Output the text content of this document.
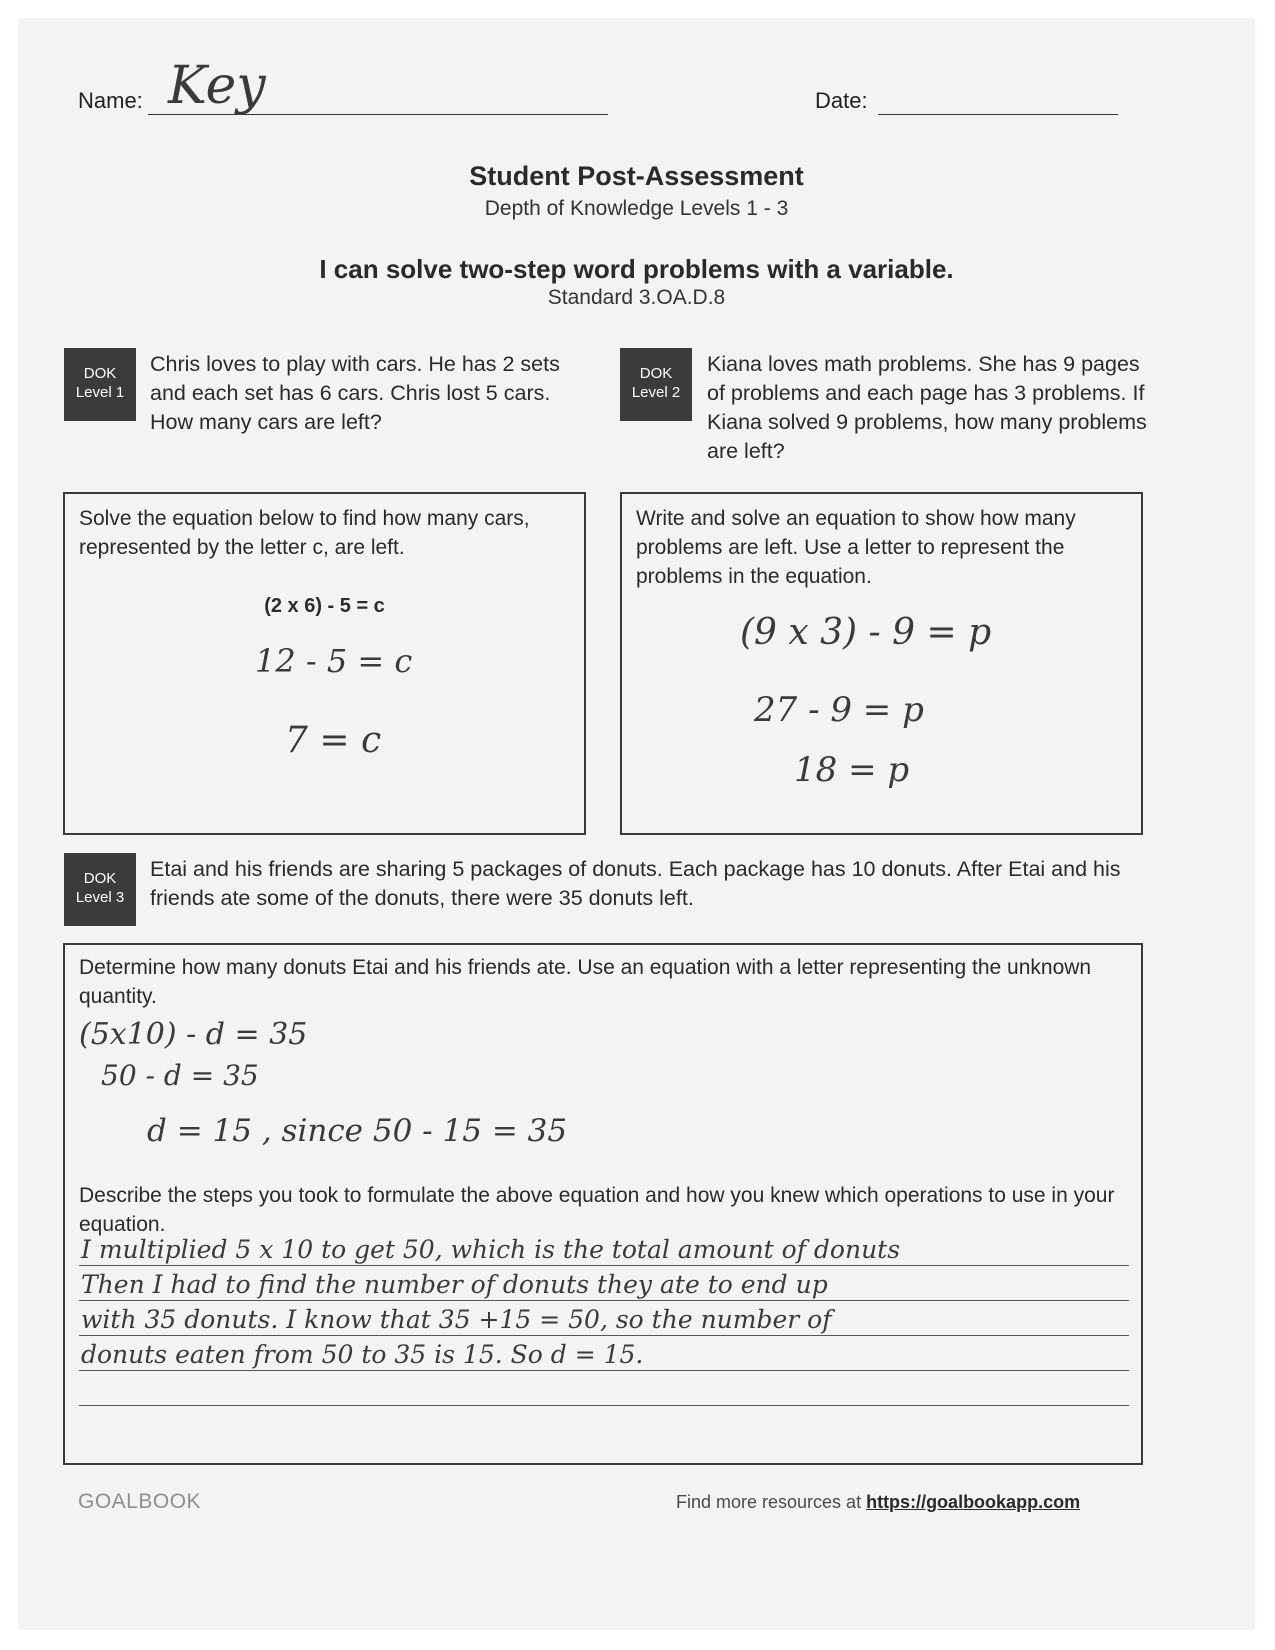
Name: Key	Date:
Student Post-Assessment
Depth of Knowledge Levels 1 - 3
I can solve two-step word problems with a variable.
Standard 3.OA.D.8
DOK
Level 1
Chris loves to play with cars. He has 2 sets and each set has 6 cars. Chris lost 5 cars. How many cars are left?
DOK
Level 2
Kiana loves math problems. She has 9 pages of problems and each page has 3 problems. If Kiana solved 9 problems, how many problems are left?
Solve the equation below to find how many cars, represented by the letter c, are left.
(2 x 6) - 5 = c
12 - 5 = c
7 = c
Write and solve an equation to show how many problems are left. Use a letter to represent the problems in the equation.
(9 x 3) - 9 = p
27 - 9 = p
18 = p
DOK
Level 3
Etai and his friends are sharing 5 packages of donuts. Each package has 10 donuts. After Etai and his friends ate some of the donuts, there were 35 donuts left.
Determine how many donuts Etai and his friends ate. Use an equation with a letter representing the unknown quantity.
(5x10) - d = 35
50 - d = 35
d = 15 , since 50 - 15 = 35
Describe the steps you took to formulate the above equation and how you knew which operations to use in your equation.
I multiplied 5 x 10 to get 50, which is the total amount of donuts
Then I had to find the number of donuts they ate to end up
with 35 donuts. I know that 35 +15 = 50, so the number of
donuts eaten from 50 to 35 is 15. So d = 15.
GOALBOOK	Find more resources at https://goalbookapp.com
